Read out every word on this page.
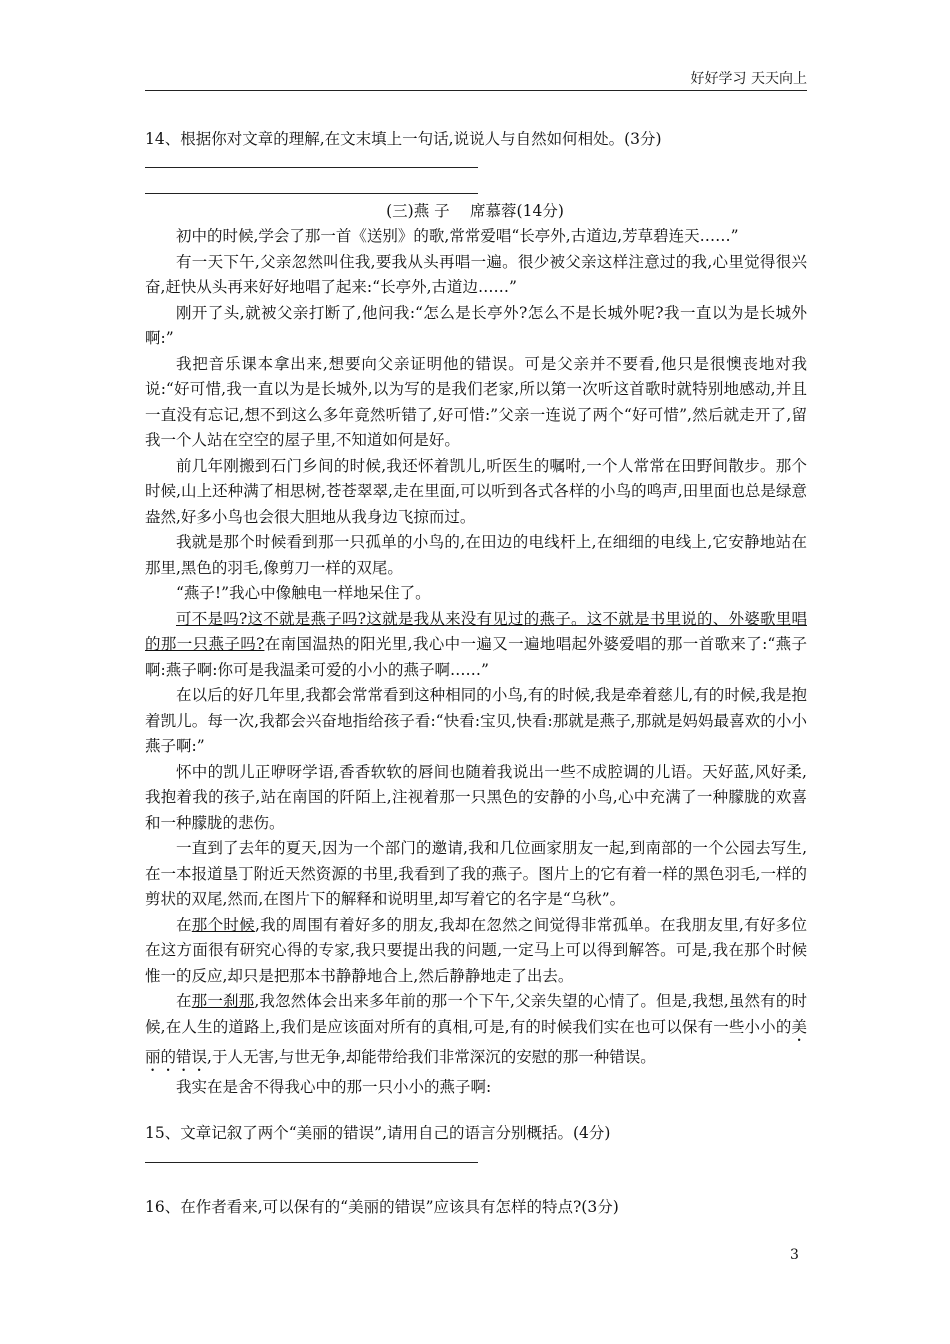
好好学习 天天向上
14、根据你对文章的理解,在文末填上一句话,说说人与自然如何相处。(3分)
(三)燕 子 　席慕蓉(14分)

初中的时候,学会了那一首《送别》的歌,常常爱唱“长亭外,古道边,芳草碧连天……”

有一天下午,父亲忽然叫住我,要我从头再唱一遍。很少被父亲这样注意过的我,心里觉得很兴奋,赶快从头再来好好地唱了起来:“长亭外,古道边……”

刚开了头,就被父亲打断了,他问我:“怎么是长亭外?怎么不是长城外呢?我一直以为是长城外啊:”

我把音乐课本拿出来,想要向父亲证明他的错误。可是父亲并不要看,他只是很懊丧地对我说:“好可惜,我一直以为是长城外,以为写的是我们老家,所以第一次听这首歌时就特别地感动,并且一直没有忘记,想不到这么多年竟然听错了,好可惜:”父亲一连说了两个“好可惜”,然后就走开了,留我一个人站在空空的屋子里,不知道如何是好。

前几年刚搬到石门乡间的时候,我还怀着凯儿,听医生的嘱咐,一个人常常在田野间散步。那个时候,山上还种满了相思树,苍苍翠翠,走在里面,可以听到各式各样的小鸟的鸣声,田里面也总是绿意盎然,好多小鸟也会很大胆地从我身边飞掠而过。

我就是那个时候看到那一只孤单的小鸟的,在田边的电线杆上,在细细的电线上,它安静地站在那里,黑色的羽毛,像剪刀一样的双尾。

“燕子!”我心中像触电一样地呆住了。

可不是吗?这不就是燕子吗?这就是我从来没有见过的燕子。这不就是书里说的、外婆歌里唱的那一只燕子吗?在南国温热的阳光里,我心中一遍又一遍地唱起外婆爱唱的那一首歌来了:“燕子啊:燕子啊:你可是我温柔可爱的小小的燕子啊……”

在以后的好几年里,我都会常常看到这种相同的小鸟,有的时候,我是牵着慈儿,有的时候,我是抱着凯儿。每一次,我都会兴奋地指给孩子看:“快看:宝贝,快看:那就是燕子,那就是妈妈最喜欢的小小燕子啊:”

怀中的凯儿正咿呀学语,香香软软的唇间也随着我说出一些不成腔调的儿语。天好蓝,风好柔,我抱着我的孩子,站在南国的阡陌上,注视着那一只黑色的安静的小鸟,心中充满了一种朦胧的欢喜和一种朦胧的悲伤。

一直到了去年的夏天,因为一个部门的邀请,我和几位画家朋友一起,到南部的一个公园去写生,在一本报道垦丁附近天然资源的书里,我看到了我的燕子。图片上的它有着一样的黑色羽毛,一样的剪状的双尾,然而,在图片下的解释和说明里,却写着它的名字是“乌秋”。

在那个时候,我的周围有着好多的朋友,我却在忽然之间觉得非常孤单。在我朋友里,有好多位在这方面很有研究心得的专家,我只要提出我的问题,一定马上可以得到解答。可是,我在那个时候惟一的反应,却只是把那本书静静地合上,然后静静地走了出去。

在那一刹那,我忽然体会出来多年前的那一个下午,父亲失望的心情了。但是,我想,虽然有的时候,在人生的道路上,我们是应该面对所有的真相,可是,有的时候我们实在也可以保有一些小小的美丽的错误,于人无害,与世无争,却能带给我们非常深沉的安慰的那一种错误。

我实在是舍不得我心中的那一只小小的燕子啊:

15、文章记叙了两个“美丽的错误”,请用自己的语言分别概括。(4分)
16、在作者看来,可以保有的“美丽的错误”应该具有怎样的特点?(3分)
3
